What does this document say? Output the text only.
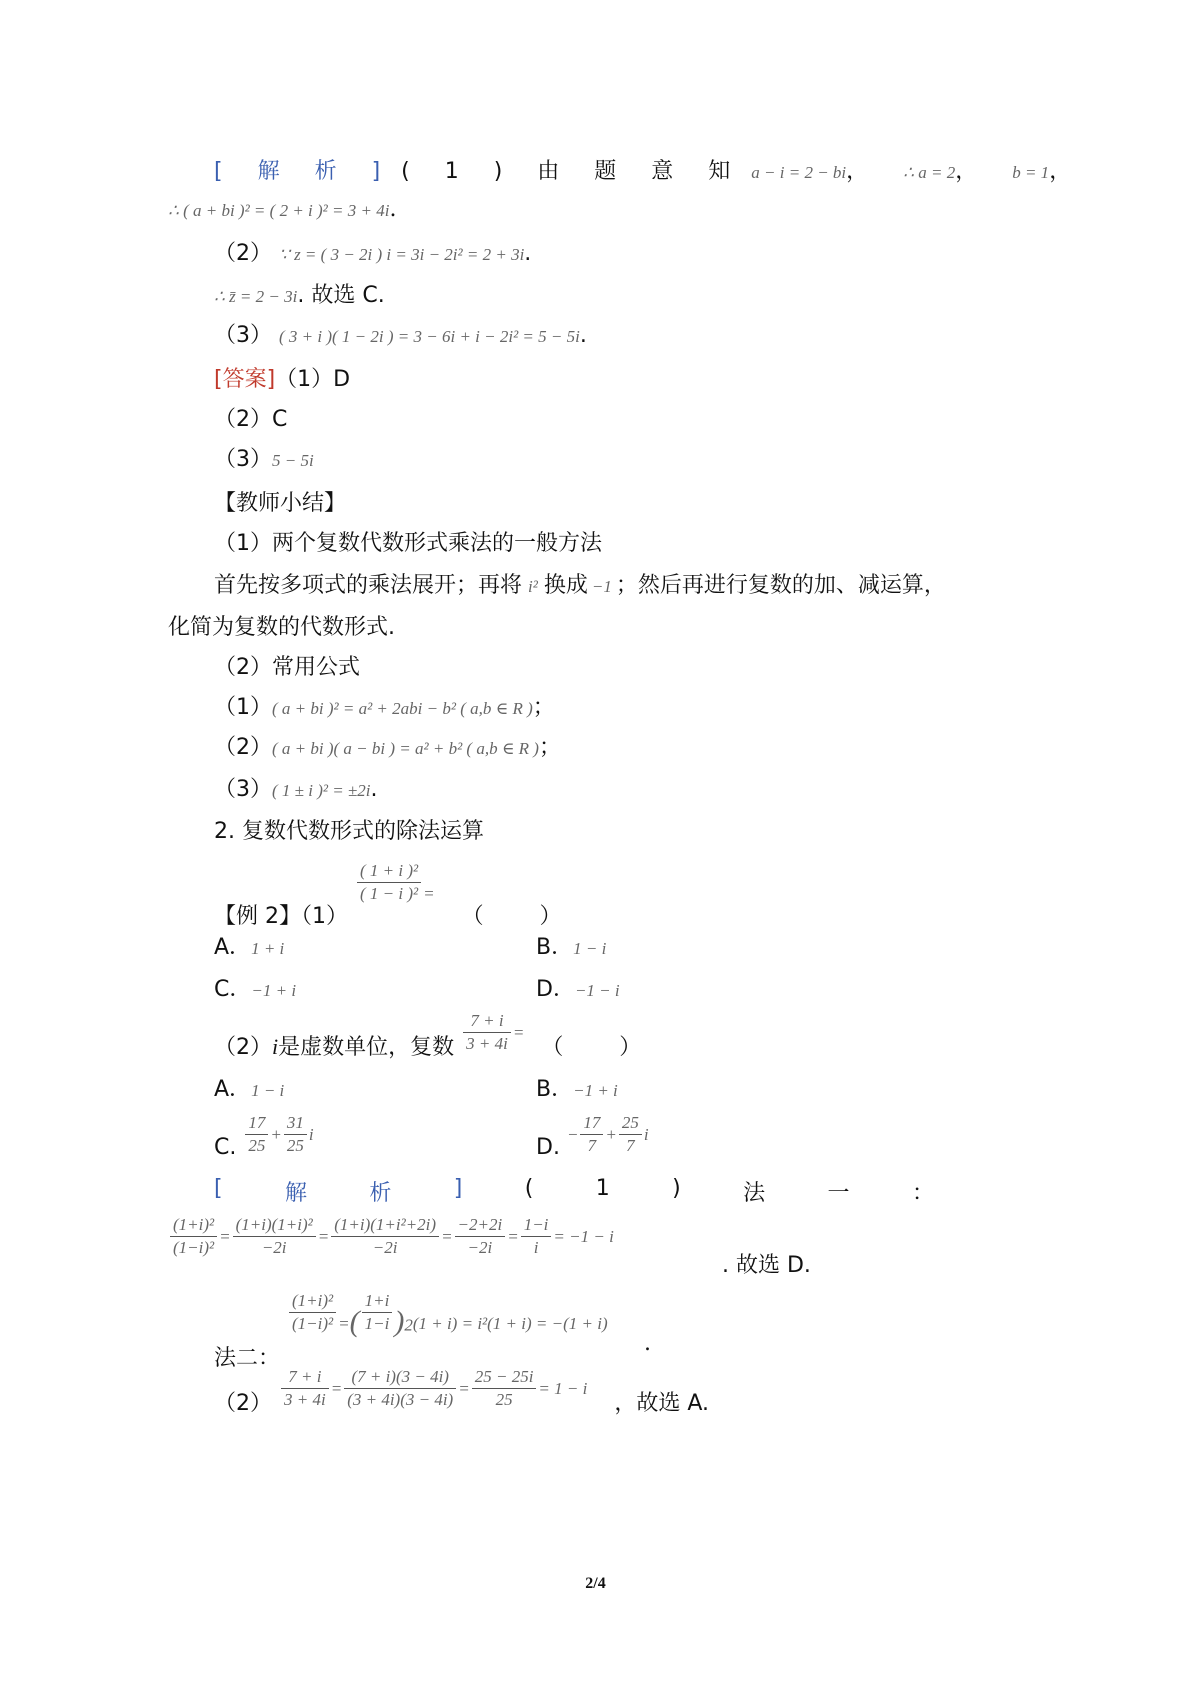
[ 解 析 ] ( 1 ) 由 题 意 知 a − i = 2 − bi， ∴ a = 2， b = 1，
∴ ( a + bi )² = ( 2 + i )² = 3 + 4i.
（2） ∵ z = ( 3 − 2i ) i = 3i − 2i² = 2 + 3i.
∴ z̄ = 2 − 3i. 故选 C.
（3） ( 3 + i )( 1 − 2i ) = 3 − 6i + i − 2i² = 5 − 5i.
[答案]（1）D
（2）C
（3）5 − 5i
【教师小结】
（1）两个复数代数形式乘法的一般方法
首先按多项式的乘法展开；再将 i² 换成 −1 ；然后再进行复数的加、减运算，
化简为复数的代数形式.
（2）常用公式
（1）( a + bi )² = a² + 2abi − b² ( a,b ∈ R )；
（2）( a + bi )( a − bi ) = a² + b² ( a,b ∈ R )；
（3）( 1 ± i )² = ±2i.
2. 复数代数形式的除法运算
【例 2】（1）
$\frac{\text{( 1 + i )²}}{\text{( 1 − i )²}} ^=$ （        ）
A．1 + i	B．1 − i
C．−1 + i	D．−1 − i
（2）i是虚数单位，复数 $\frac{7 + i}{3 + 4i}$ = （        ）
A．1 − i	B．−1 + i
C. $\frac{17}{25} + \frac{31}{25}$ i
D. − $\frac{17}{7} + \frac{25}{7}$ i
[	解	析	]	(	1	)	法	一	：
$\frac{\text{(1+i)²}}{\text{(1−i)²}} = \frac{\text{(1+i)(1+i)²}}{-2i} = \frac{\text{(1+i)(1+i²+2i)}}{-2i} = \frac{-2+2i}{-2i} = \frac{1-i}{i} = -1 - i$
. 故选 D.
法二：
$\frac{\text{(1+i)²}}{\text{(1−i)²}} ^=( \frac{1+i}{1-i} )^{2(1 + i) = i^2(1 + i) = -(1 + i)}$
.
$(2) \frac{7 + i}{3 + 4i} = \frac{(7 + i)(3 - 4i)}{(3 + 4i)(3 - 4i)} = \frac{25 - 25i}{25} = 1 - i$ ，故选 A.
2/4
